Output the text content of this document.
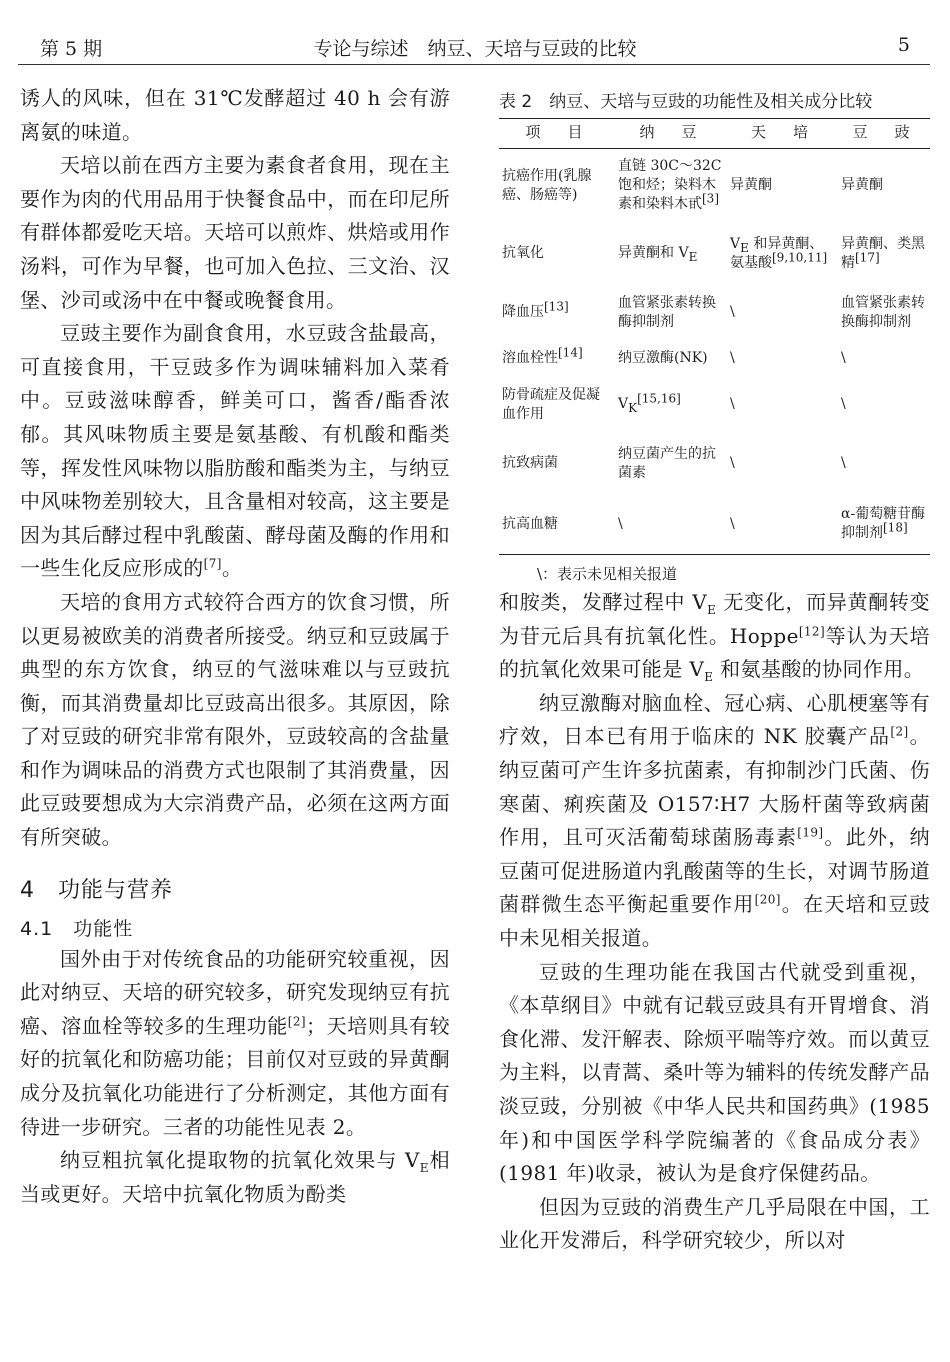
第 5 期	专论与综述　纳豆、天培与豆豉的比较	5

诱人的风味，但在 31℃发酵超过 40 h 会有游离氨的味道。

天培以前在西方主要为素食者食用，现在主要作为肉的代用品用于快餐食品中，而在印尼所有群体都爱吃天培。天培可以煎炸、烘焙或用作汤料，可作为早餐，也可加入色拉、三文治、汉堡、沙司或汤中在中餐或晚餐食用。

豆豉主要作为副食食用，水豆豉含盐最高，可直接食用，干豆豉多作为调味辅料加入菜肴中。豆豉滋味醇香，鲜美可口，酱香/酯香浓郁。其风味物质主要是氨基酸、有机酸和酯类等，挥发性风味物以脂肪酸和酯类为主，与纳豆中风味物差别较大，且含量相对较高，这主要是因为其后酵过程中乳酸菌、酵母菌及酶的作用和一些生化反应形成的[7]。

天培的食用方式较符合西方的饮食习惯，所以更易被欧美的消费者所接受。纳豆和豆豉属于典型的东方饮食，纳豆的气滋味难以与豆豉抗衡，而其消费量却比豆豉高出很多。其原因，除了对豆豉的研究非常有限外，豆豉较高的含盐量和作为调味品的消费方式也限制了其消费量，因此豆豉要想成为大宗消费产品，必须在这两方面有所突破。

4　功能与营养
4.1　功能性

国外由于对传统食品的功能研究较重视，因此对纳豆、天培的研究较多，研究发现纳豆有抗癌、溶血栓等较多的生理功能[2]；天培则具有较好的抗氧化和防癌功能；目前仅对豆豉的异黄酮成分及抗氧化功能进行了分析测定，其他方面有待进一步研究。三者的功能性见表 2。

纳豆粗抗氧化提取物的抗氧化效果与 $V_E$相当或更好。天培中抗氧化物质为酚类

表 2　纳豆、天培与豆豉的功能性及相关成分比较
项　目	纳　豆	天　培	豆　豉
抗癌作用(乳腺癌、肠癌等)	直链 30C～32C 饱和烃；染料木素和染料木甙[3]	异黄酮	异黄酮
抗氧化	异黄酮和 VE	VE 和异黄酮、氨基酸[9,10,11]	异黄酮、类黑精[17]
降血压[13]	血管紧张素转换酶抑制剂	\	血管紧张素转换酶抑制剂
溶血栓性[14]	纳豆激酶(NK)	\	\
防骨疏症及促凝血作用	VK[15,16]	\	\
抗致病菌	纳豆菌产生的抗菌素	\	\
抗高血糖	\	\	α-葡萄糖苷酶抑制剂[18]
\：表示未见相关报道

和胺类，发酵过程中 $V_E$ 无变化，而异黄酮转变为苷元后具有抗氧化性。Hoppe[12]等认为天培的抗氧化效果可能是 $V_E$ 和氨基酸的协同作用。

纳豆激酶对脑血栓、冠心病、心肌梗塞等有疗效，日本已有用于临床的 NK 胶囊产品[2]。纳豆菌可产生许多抗菌素，有抑制沙门氏菌、伤寒菌、痢疾菌及 O157∶H7 大肠杆菌等致病菌作用，且可灭活葡萄球菌肠毒素[19]。此外，纳豆菌可促进肠道内乳酸菌等的生长，对调节肠道菌群微生态平衡起重要作用[20]。在天培和豆豉中未见相关报道。

豆豉的生理功能在我国古代就受到重视，《本草纲目》中就有记载豆豉具有开胃增食、消食化滞、发汗解表、除烦平喘等疗效。而以黄豆为主料，以青蒿、桑叶等为辅料的传统发酵产品淡豆豉，分别被《中华人民共和国药典》(1985 年)和中国医学科学院编著的《食品成分表》(1981 年)收录，被认为是食疗保健药品。

但因为豆豉的消费生产几乎局限在中国，工业化开发滞后，科学研究较少，所以对
